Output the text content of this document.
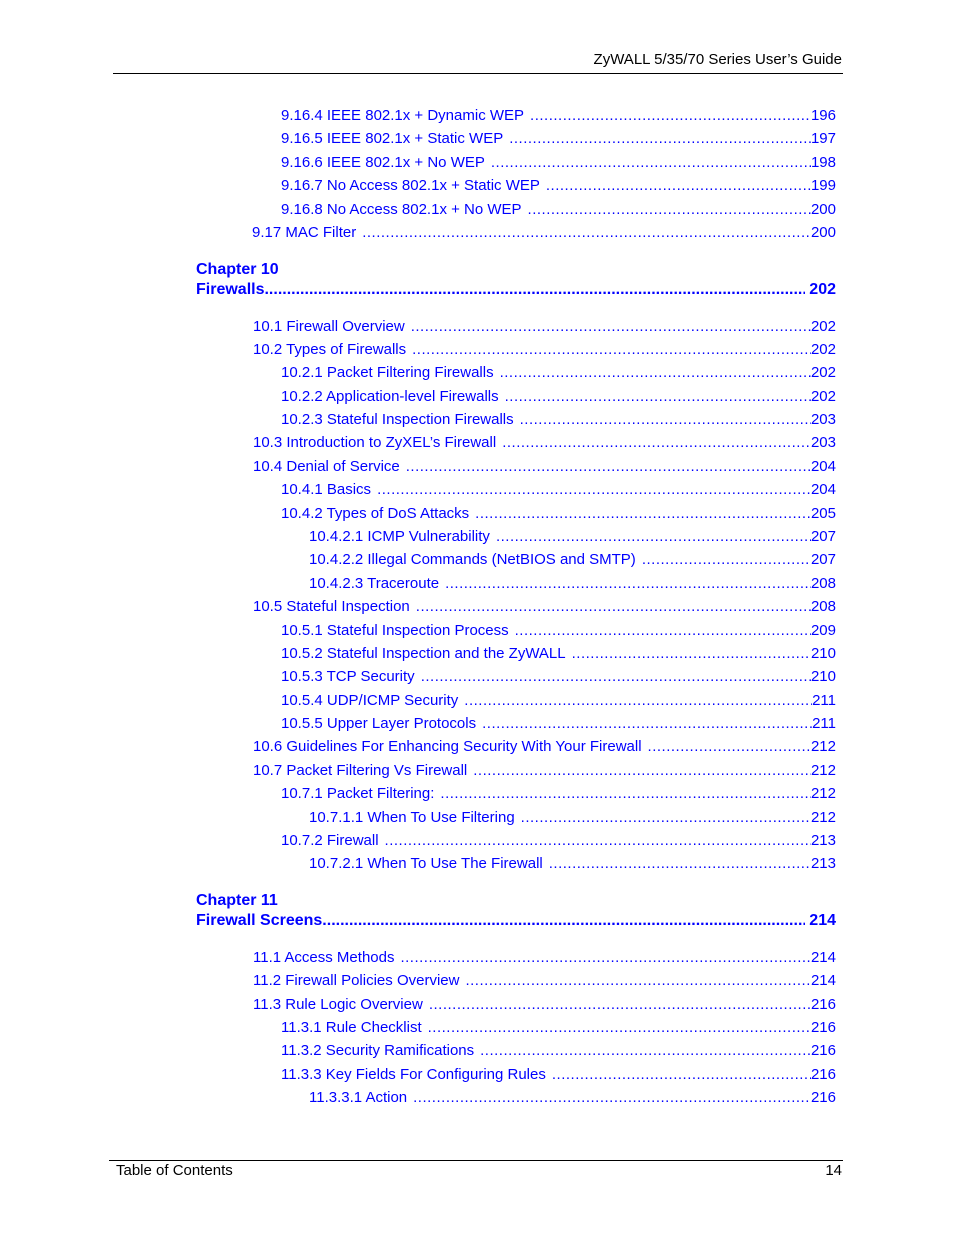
ZyWALL 5/35/70 Series User’s Guide
9.16.4 IEEE 802.1x + Dynamic WEP .....	196
9.16.5 IEEE 802.1x + Static WEP .....	197
9.16.6 IEEE 802.1x + No WEP .....	198
9.16.7 No Access 802.1x + Static WEP .....	199
9.16.8 No Access 802.1x + No WEP .....	200
9.17 MAC Filter .....	200
Chapter 10
Firewalls .....	202
10.1 Firewall Overview .....	202
10.2 Types of Firewalls .....	202
10.2.1 Packet Filtering Firewalls .....	202
10.2.2 Application-level Firewalls .....	202
10.2.3 Stateful Inspection Firewalls .....	203
10.3 Introduction to ZyXEL’s Firewall .....	203
10.4 Denial of Service .....	204
10.4.1 Basics .....	204
10.4.2 Types of DoS Attacks .....	205
10.4.2.1 ICMP Vulnerability .....	207
10.4.2.2 Illegal Commands (NetBIOS and SMTP) .....	207
10.4.2.3 Traceroute .....	208
10.5 Stateful Inspection .....	208
10.5.1 Stateful Inspection Process .....	209
10.5.2 Stateful Inspection and the ZyWALL .....	210
10.5.3 TCP Security .....	210
10.5.4 UDP/ICMP Security .....	211
10.5.5 Upper Layer Protocols .....	211
10.6 Guidelines For Enhancing Security With Your Firewall .....	212
10.7 Packet Filtering Vs Firewall .....	212
10.7.1 Packet Filtering: .....	212
10.7.1.1 When To Use Filtering .....	212
10.7.2 Firewall .....	213
10.7.2.1 When To Use The Firewall .....	213
Chapter 11
Firewall Screens .....	214
11.1 Access Methods .....	214
11.2 Firewall Policies Overview .....	214
11.3 Rule Logic Overview .....	216
11.3.1 Rule Checklist .....	216
11.3.2 Security Ramifications .....	216
11.3.3 Key Fields For Configuring Rules .....	216
11.3.3.1 Action .....	216
Table of Contents	14
